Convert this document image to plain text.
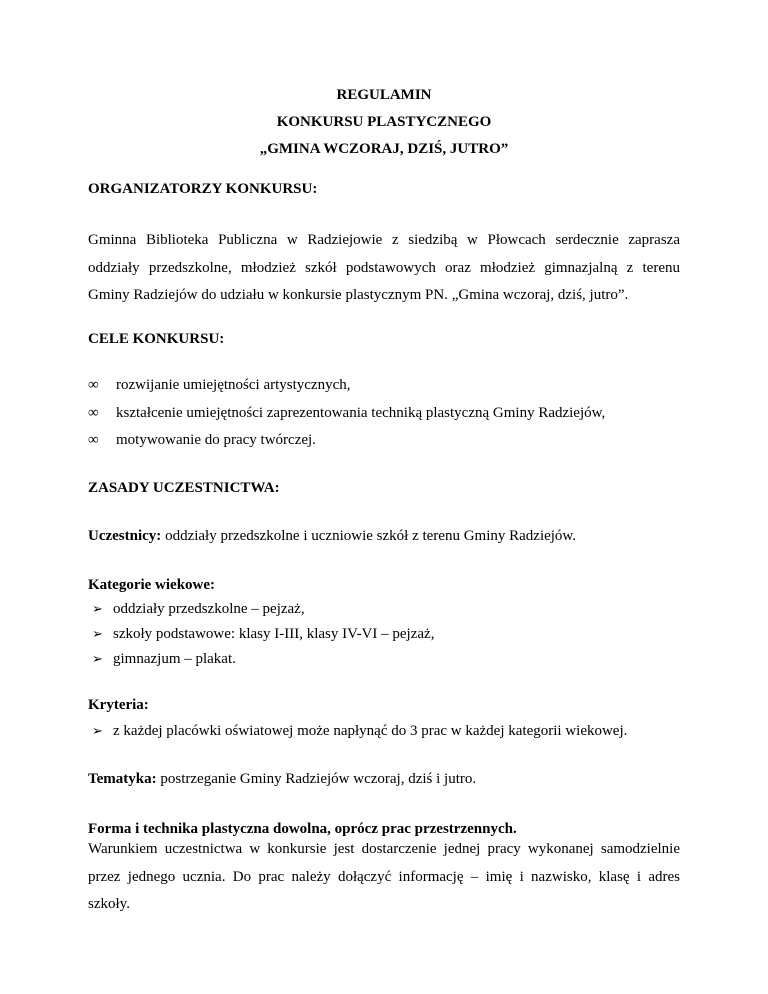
REGULAMIN
KONKURSU PLASTYCZNEGO
„GMINA WCZORAJ, DZIŚ, JUTRO”
ORGANIZATORZY KONKURSU:
Gminna Biblioteka Publiczna w Radziejowie z siedzibą w Płowcach serdecznie zaprasza
oddziały przedszkolne, młodzież szkół podstawowych oraz młodzież gimnazjalną z terenu
Gminy Radziejów do udziału w konkursie plastycznym PN. „Gmina wczoraj, dziś, jutro”.
CELE KONKURSU:
∞ rozwijanie umiejętności artystycznych,
∞ kształcenie umiejętności zaprezentowania techniką plastyczną Gminy Radziejów,
∞ motywowanie do pracy twórczej.
ZASADY UCZESTNICTWA:
Uczestnicy: oddziały przedszkolne i uczniowie szkół z terenu Gminy Radziejów.
Kategorie wiekowe:
➢ oddziały przedszkolne – pejzaż,
➢ szkoły podstawowe: klasy I-III, klasy IV-VI – pejzaż,
➢ gimnazjum – plakat.
Kryteria:
➢ z każdej placówki oświatowej może napłynąć do 3 prac w każdej kategorii wiekowej.
Tematyka: postrzeganie Gminy Radziejów wczoraj, dziś i jutro.
Forma i technika plastyczna dowolna, oprócz prac przestrzennych.
Warunkiem uczestnictwa w konkursie jest dostarczenie jednej pracy wykonanej samodzielnie
przez jednego ucznia. Do prac należy dołączyć informację – imię i nazwisko, klasę i adres
szkoły.
